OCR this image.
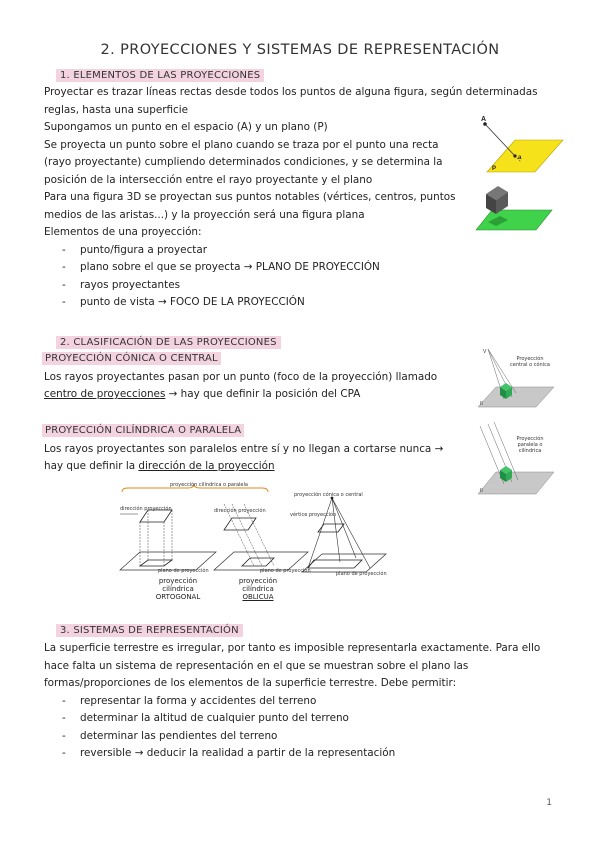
2. PROYECCIONES Y SISTEMAS DE REPRESENTACIÓN
1. ELEMENTOS DE LAS PROYECCIONES
Proyectar es trazar líneas rectas desde todos los puntos de alguna figura, según determinadas
reglas, hasta una superficie
Supongamos un punto en el espacio (A) y un plano (P)
Se proyecta un punto sobre el plano cuando se traza por el punto una recta
(rayo proyectante) cumpliendo determinados condiciones, y se determina la
posición de la intersección entre el rayo proyectante y el plano
Para una figura 3D se proyectan sus puntos notables (vértices, centros, puntos
medios de las aristas...) y la proyección será una figura plana
Elementos de una proyección:
- punto/figura a proyectar
- plano sobre el que se proyecta → PLANO DE PROYECCIÓN
- rayos proyectantes
- punto de vista → FOCO DE LA PROYECCIÓN
A
a
P
2. CLASIFICACIÓN DE LAS PROYECCIONES
PROYECCIÓN CÓNICA O CENTRAL
Los rayos proyectantes pasan por un punto (foco de la proyección) llamado
centro de proyecciones → hay que definir la posición del CPA
PROYECCIÓN CILÍNDRICA O PARALELA
Los rayos proyectantes son paralelos entre sí y no llegan a cortarse nunca →
hay que definir la dirección de la proyección
V
II
Proyección central o cónica
II
Proyección paralela o cilíndrica
proyección cilíndrica o paralela
proyección cónica o central
dirección proyección	dirección proyección
vértice proyección
plano de proyección	plano de proyección	plano de proyección
proyección
cilíndrica
ORTOGONAL
proyección
cilíndrica
OBLICUA
3. SISTEMAS DE REPRESENTACIÓN
La superficie terrestre es irregular, por tanto es imposible representarla exactamente. Para ello
hace falta un sistema de representación en el que se muestran sobre el plano las
formas/proporciones de los elementos de la superficie terrestre. Debe permitir:
- representar la forma y accidentes del terreno
- determinar la altitud de cualquier punto del terreno
- determinar las pendientes del terreno
- reversible → deducir la realidad a partir de la representación
1
